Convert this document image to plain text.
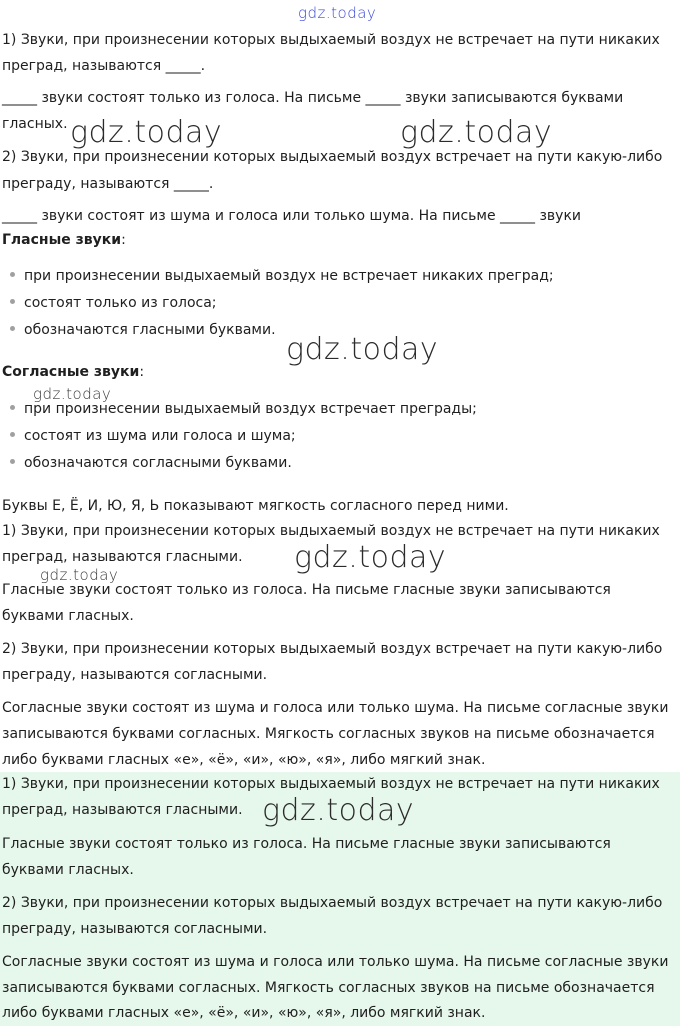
gdz.today
1) Звуки, при произнесении которых выдыхаемый воздух не встречает на пути никаких
преград, называются _____.
_____ звуки состоят только из голоса. На письме _____ звуки записываются буквами
гласных.
2) Звуки, при произнесении которых выдыхаемый воздух встречает на пути какую-либо
преграду, называются _____.
_____ звуки состоят из шума и голоса или только шума. На письме _____ звуки
Гласные звуки:
при произнесении выдыхаемый воздух не встречает никаких преград;
состоят только из голоса;
обозначаются гласными буквами.
Согласные звуки:
при произнесении выдыхаемый воздух встречает преграды;
состоят из шума или голоса и шума;
обозначаются согласными буквами.
Буквы Е, Ё, И, Ю, Я, Ь показывают мягкость согласного перед ними.
1) Звуки, при произнесении которых выдыхаемый воздух не встречает на пути никаких
преград, называются гласными.
Гласные звуки состоят только из голоса. На письме гласные звуки записываются
буквами гласных.
2) Звуки, при произнесении которых выдыхаемый воздух встречает на пути какую-либо
преграду, называются согласными.
Согласные звуки состоят из шума и голоса или только шума. На письме согласные звуки
записываются буквами согласных. Мягкость согласных звуков на письме обозначается
либо буквами гласных «е», «ё», «и», «ю», «я», либо мягкий знак.
1) Звуки, при произнесении которых выдыхаемый воздух не встречает на пути никаких
преград, называются гласными.
Гласные звуки состоят только из голоса. На письме гласные звуки записываются
буквами гласных.
2) Звуки, при произнесении которых выдыхаемый воздух встречает на пути какую-либо
преграду, называются согласными.
Согласные звуки состоят из шума и голоса или только шума. На письме согласные звуки
записываются буквами согласных. Мягкость согласных звуков на письме обозначается
либо буквами гласных «е», «ё», «и», «ю», «я», либо мягкий знак.
gdz.today	gdz.today
gdz.today
gdz.today
gdz.today
gdz.today
gdz.today
